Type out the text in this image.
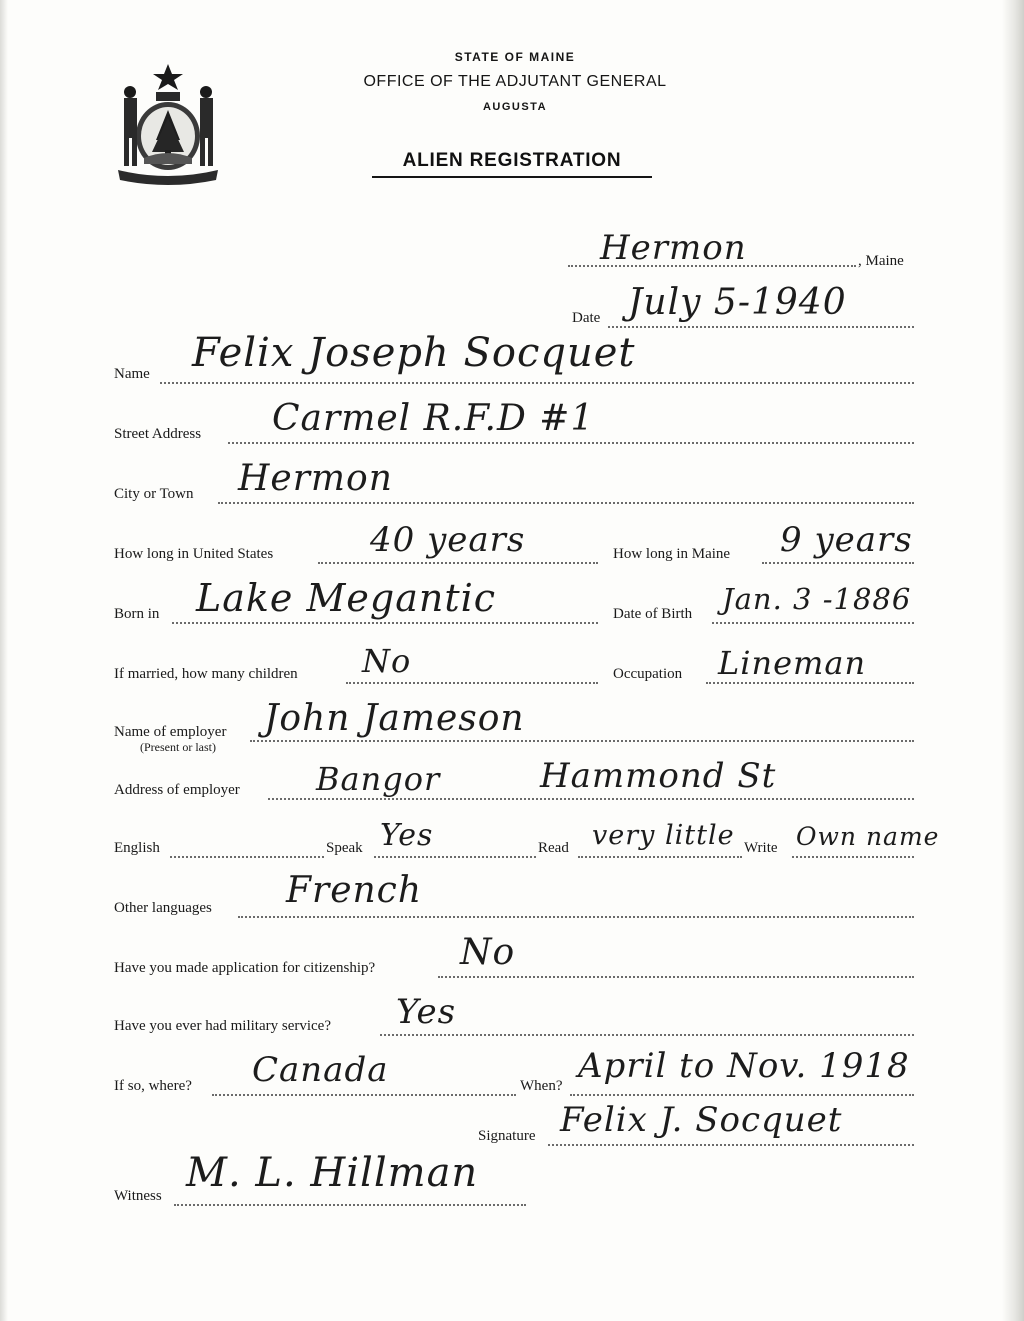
STATE OF MAINE
OFFICE OF THE ADJUTANT GENERAL
AUGUSTA
ALIEN REGISTRATION
Hermon	, Maine
Date July 5-1940
Name Felix Joseph Socquet
Street Address Carmel R.F.D #1
City or Town Hermon
How long in United States	40 years	How long in Maine 9 years
Born in Lake Megantic	Date of Birth Jan. 3 -1886
If married, how many children No	Occupation Lineman
Name of employer
(Present or last)
John Jameson
Address of employer Bangor	Hammond St
English	Speak Yes	Read very little Write Own name
Other languages French
Have you made application for citizenship? No
Have you ever had military service? Yes
If so, where? Canada	When? April to Nov. 1918
Signature Felix J. Socquet
Witness M. L. Hillman
